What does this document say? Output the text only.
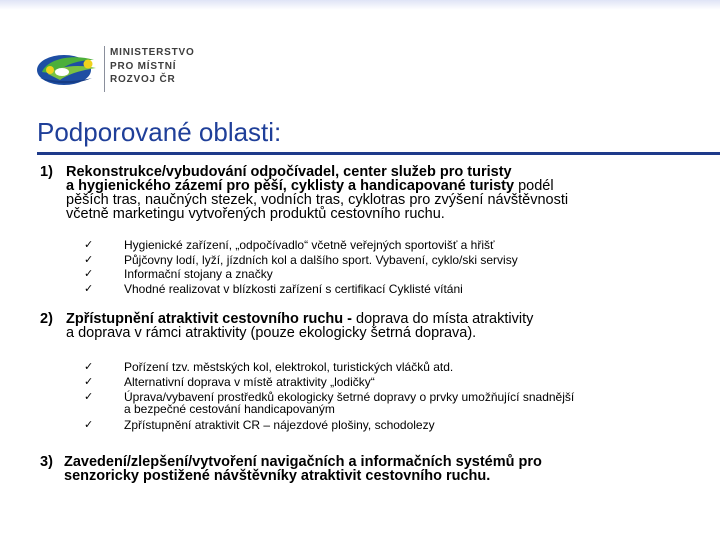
MINISTERSTVO
PRO MÍSTNÍ
ROZVOJ ČR
Podporované oblasti:
1) Rekonstrukce/vybudování odpočívadel, center služeb pro turisty
a hygienického zázemí pro pěší, cyklisty a handicapované turisty podél
pěších tras, naučných stezek, vodních tras, cyklotras pro zvýšení návštěvnosti
včetně marketingu vytvořených produktů cestovního ruchu.
✓	Hygienické zařízení, „odpočívadlo“ včetně veřejných sportovišť a hřišť
✓	Půjčovny lodí, lyží, jízdních kol a dalšího sport. Vybavení, cyklo/ski servisy
✓	Informační stojany a značky
✓	Vhodné realizovat v blízkosti zařízení s certifikací Cyklisté vítáni
2) Zpřístupnění atraktivit cestovního ruchu - doprava do místa atraktivity
a doprava v rámci atraktivity (pouze ekologicky šetrná doprava).
✓	Pořízení tzv. městských kol, elektrokol, turistických vláčků atd.
✓	Alternativní doprava v místě atraktivity „lodičky“
✓	Úprava/vybavení prostředků ekologicky šetrné dopravy o prvky umožňující snadnější
a bezpečné cestování handicapovaným
✓	Zpřístupnění atraktivit CR – nájezdové plošiny, schodolezy
3) Zavedení/zlepšení/vytvoření navigačních a informačních systémů pro
senzoricky postižené návštěvníky atraktivit cestovního ruchu.
